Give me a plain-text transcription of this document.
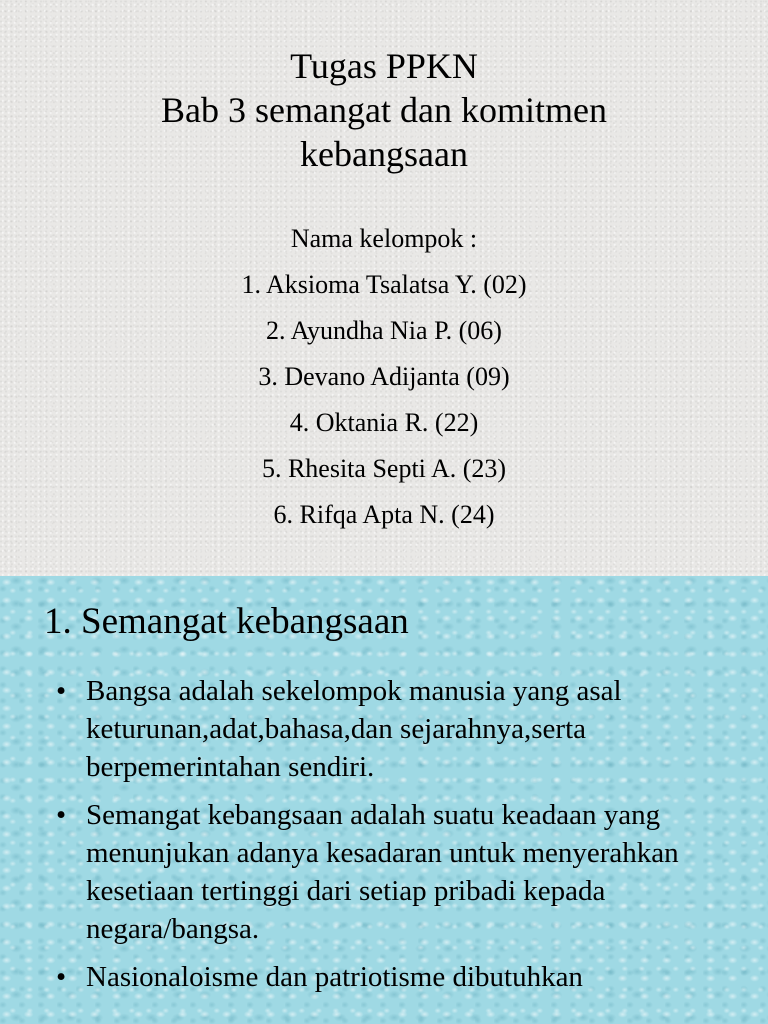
Tugas PPKN
Bab 3 semangat dan komitmen
kebangsaan
Nama kelompok :
1. Aksioma Tsalatsa Y. (02)
2. Ayundha Nia P. (06)
3. Devano Adijanta (09)
4. Oktania R. (22)
5. Rhesita Septi A. (23)
6. Rifqa Apta N. (24)
1. Semangat kebangsaan
• Bangsa adalah sekelompok manusia yang asal keturunan,adat,bahasa,dan sejarahnya,serta berpemerintahan sendiri.
• Semangat kebangsaan adalah suatu keadaan yang menunjukan adanya kesadaran untuk menyerahkan kesetiaan tertinggi dari setiap pribadi kepada negara/bangsa.
• Nasionaloisme dan patriotisme dibutuhkan
